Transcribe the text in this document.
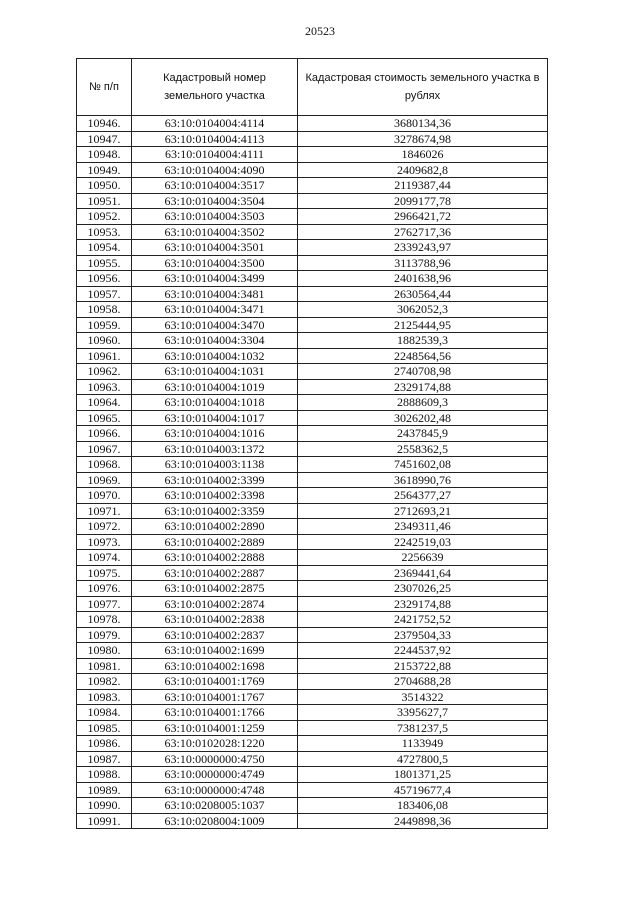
20523
№ п/п	Кадастровый номер земельного участка	Кадастровая стоимость земельного участка в рублях
10946.	63:10:0104004:4114	3680134,36
10947.	63:10:0104004:4113	3278674,98
10948.	63:10:0104004:4111	1846026
10949.	63:10:0104004:4090	2409682,8
10950.	63:10:0104004:3517	2119387,44
10951.	63:10:0104004:3504	2099177,78
10952.	63:10:0104004:3503	2966421,72
10953.	63:10:0104004:3502	2762717,36
10954.	63:10:0104004:3501	2339243,97
10955.	63:10:0104004:3500	3113788,96
10956.	63:10:0104004:3499	2401638,96
10957.	63:10:0104004:3481	2630564,44
10958.	63:10:0104004:3471	3062052,3
10959.	63:10:0104004:3470	2125444,95
10960.	63:10:0104004:3304	1882539,3
10961.	63:10:0104004:1032	2248564,56
10962.	63:10:0104004:1031	2740708,98
10963.	63:10:0104004:1019	2329174,88
10964.	63:10:0104004:1018	2888609,3
10965.	63:10:0104004:1017	3026202,48
10966.	63:10:0104004:1016	2437845,9
10967.	63:10:0104003:1372	2558362,5
10968.	63:10:0104003:1138	7451602,08
10969.	63:10:0104002:3399	3618990,76
10970.	63:10:0104002:3398	2564377,27
10971.	63:10:0104002:3359	2712693,21
10972.	63:10:0104002:2890	2349311,46
10973.	63:10:0104002:2889	2242519,03
10974.	63:10:0104002:2888	2256639
10975.	63:10:0104002:2887	2369441,64
10976.	63:10:0104002:2875	2307026,25
10977.	63:10:0104002:2874	2329174,88
10978.	63:10:0104002:2838	2421752,52
10979.	63:10:0104002:2837	2379504,33
10980.	63:10:0104002:1699	2244537,92
10981.	63:10:0104002:1698	2153722,88
10982.	63:10:0104001:1769	2704688,28
10983.	63:10:0104001:1767	3514322
10984.	63:10:0104001:1766	3395627,7
10985.	63:10:0104001:1259	7381237,5
10986.	63:10:0102028:1220	1133949
10987.	63:10:0000000:4750	4727800,5
10988.	63:10:0000000:4749	1801371,25
10989.	63:10:0000000:4748	45719677,4
10990.	63:10:0208005:1037	183406,08
10991.	63:10:0208004:1009	2449898,36
